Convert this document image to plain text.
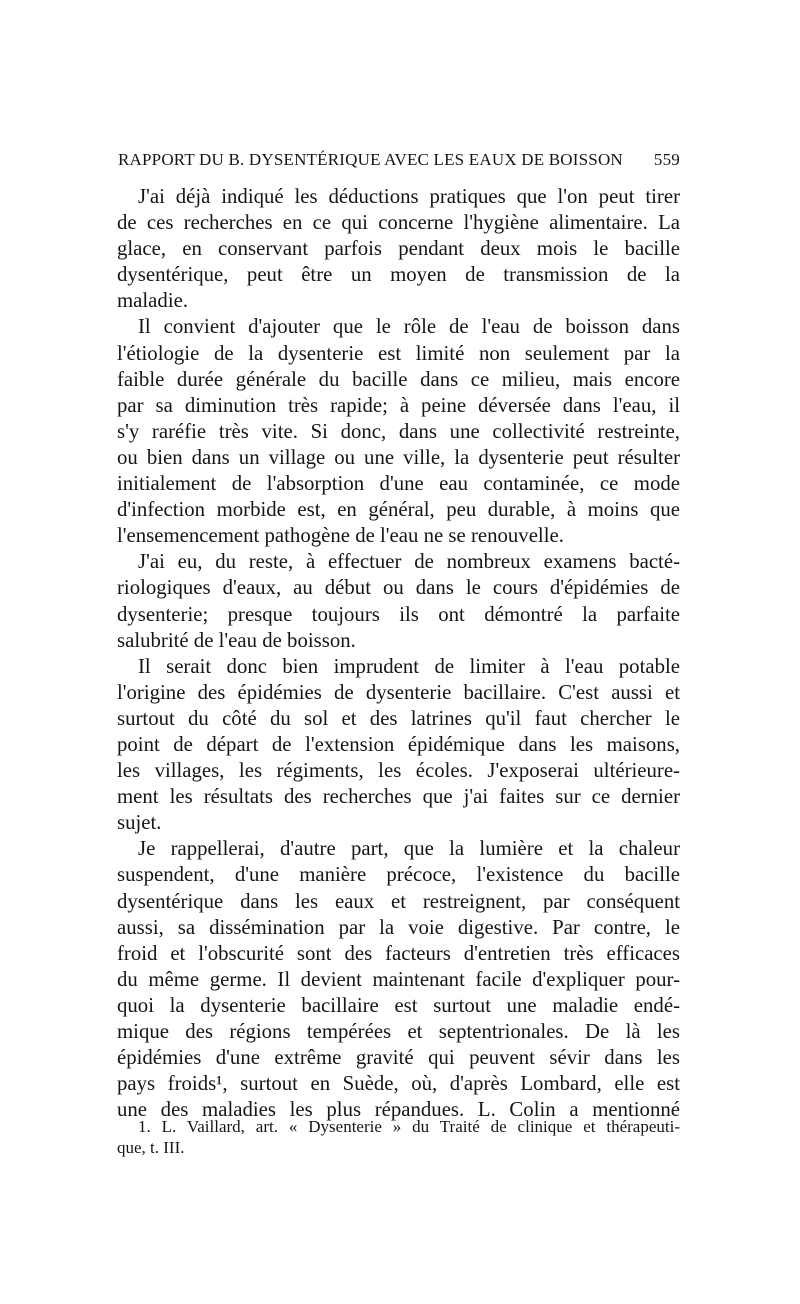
RAPPORT DU B. DYSENTÉRIQUE AVEC LES EAUX DE BOISSON 559
J'ai déjà indiqué les déductions pratiques que l'on peut tirer
de ces recherches en ce qui concerne l'hygiène alimentaire. La
glace, en conservant parfois pendant deux mois le bacille
dysentérique, peut être un moyen de transmission de la
maladie.
Il convient d'ajouter que le rôle de l'eau de boisson dans
l'étiologie de la dysenterie est limité non seulement par la
faible durée générale du bacille dans ce milieu, mais encore
par sa diminution très rapide; à peine déversée dans l'eau, il
s'y raréfie très vite. Si donc, dans une collectivité restreinte,
ou bien dans un village ou une ville, la dysenterie peut résulter
initialement de l'absorption d'une eau contaminée, ce mode
d'infection morbide est, en général, peu durable, à moins que
l'ensemencement pathogène de l'eau ne se renouvelle.
J'ai eu, du reste, à effectuer de nombreux examens bacté-
riologiques d'eaux, au début ou dans le cours d'épidémies de
dysenterie; presque toujours ils ont démontré la parfaite
salubrité de l'eau de boisson.
Il serait donc bien imprudent de limiter à l'eau potable
l'origine des épidémies de dysenterie bacillaire. C'est aussi et
surtout du côté du sol et des latrines qu'il faut chercher le
point de départ de l'extension épidémique dans les maisons,
les villages, les régiments, les écoles. J'exposerai ultérieure-
ment les résultats des recherches que j'ai faites sur ce dernier
sujet.
Je rappellerai, d'autre part, que la lumière et la chaleur
suspendent, d'une manière précoce, l'existence du bacille
dysentérique dans les eaux et restreignent, par conséquent
aussi, sa dissémination par la voie digestive. Par contre, le
froid et l'obscurité sont des facteurs d'entretien très efficaces
du même germe. Il devient maintenant facile d'expliquer pour-
quoi la dysenterie bacillaire est surtout une maladie endé-
mique des régions tempérées et septentrionales. De là les
épidémies d'une extrême gravité qui peuvent sévir dans les
pays froids¹, surtout en Suède, où, d'après Lombard, elle est
une des maladies les plus répandues. L. Colin a mentionné
1. L. Vaillard, art. « Dysenterie » du Traité de clinique et thérapeuti-
que, t. III.
